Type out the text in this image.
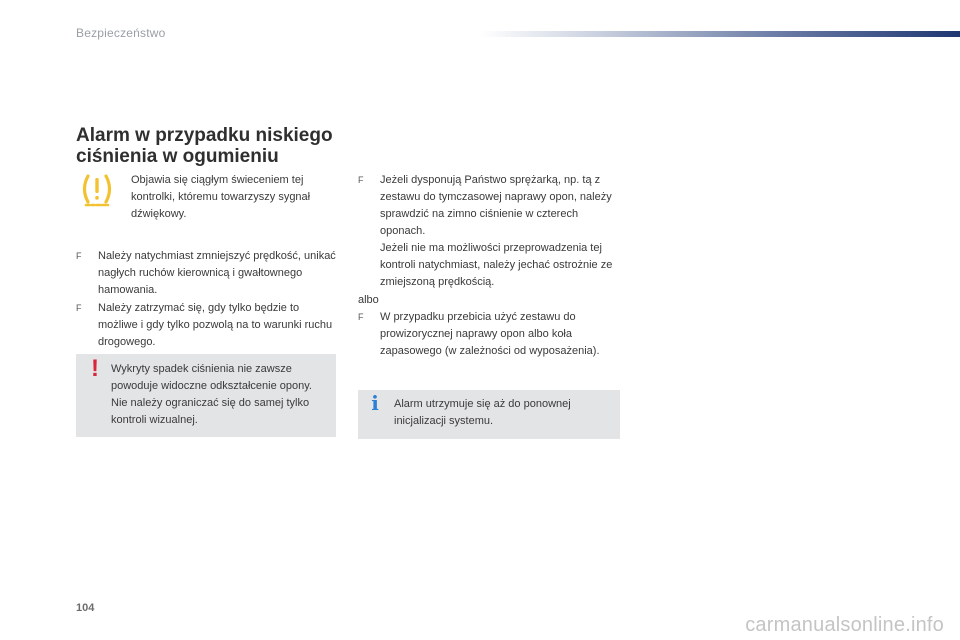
Bezpieczeństwo
Alarm w przypadku niskiego
ciśnienia w ogumieniu
Objawia się ciągłym świeceniem tej kontrolki, któremu towarzyszy sygnał dźwiękowy.
F Należy natychmiast zmniejszyć prędkość, unikać nagłych ruchów kierownicą i gwałtownego hamowania.
F Należy zatrzymać się, gdy tylko będzie to możliwe i gdy tylko pozwolą na to warunki ruchu drogowego.
! Wykryty spadek ciśnienia nie zawsze powoduje widoczne odkształcenie opony. Nie należy ograniczać się do samej tylko kontroli wizualnej.
F Jeżeli dysponują Państwo sprężarką, np. tą z zestawu do tymczasowej naprawy opon, należy sprawdzić na zimno ciśnienie w czterech oponach.
Jeżeli nie ma możliwości przeprowadzenia tej kontroli natychmiast, należy jechać ostrożnie ze zmiejszoną prędkością.

albo

F W przypadku przebicia użyć zestawu do prowizorycznej naprawy opon albo koła zapasowego (w zależności od wyposażenia).
i Alarm utrzymuje się aż do ponownej inicjalizacji systemu.
104
carmanualsonline.info
